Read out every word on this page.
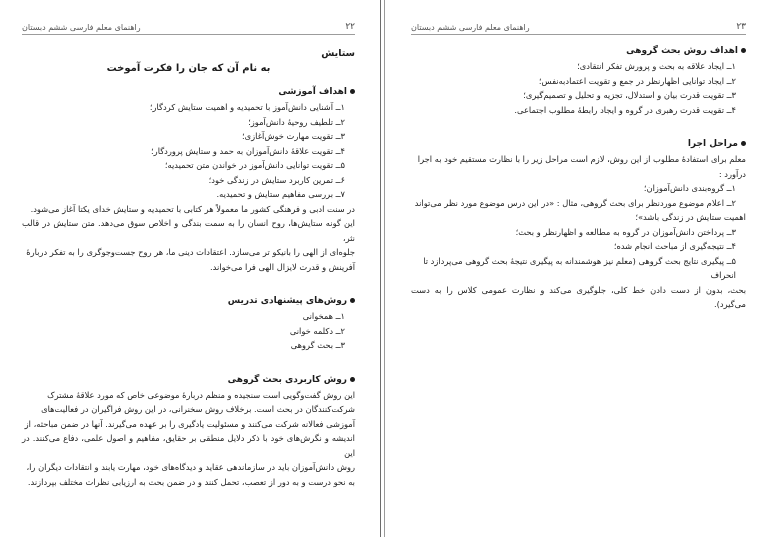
۲۲
راهنمای معلم فارسی ششم دبستان
ستایش
به نام آن که جان را فکرت آموخت
اهداف آموزشی
۱ــ آشنایی دانش‌آموز با تحمیدیه و اهمیت ستایش کردگار؛
۲ــ تلطیف روحیهٔ دانش‌آموز؛
۳ــ تقویت مهارت خوش‌آغازی؛
۴ــ تقویت علاقهٔ دانش‌آموزان به حمد و ستایش پروردگار؛
۵ــ تقویت توانایی دانش‌آموز در خواندن متن تحمیدیه؛
۶ــ تمرین کاربرد ستایش در زندگی خود؛
۷ــ بررسی مفاهیم ستایش و تحمیدیه.
در سنت ادبی و فرهنگی کشور ما معمولاً هر کتابی با تحمیدیه و ستایش خدای یکتا آغاز می‌شود.
این گونه ستایش‌ها، روح انسان را به سمت بندگی و اخلاص سوق می‌دهد. متن ستایش در قالب نثر،
جلوه‌ای از الهی را بانیکو تر می‌سازد. اعتقادات دینی ما، هر روح جست‌وجوگری را به تفکر دربارهٔ
آفرینش و قدرت لایزال الهی فرا می‌خواند.
روش‌های پیشنهادی تدریس
۱ــ همخوانی
۲ــ دکلمه خوانی
۳ــ بحث گروهی
روش کاربردی بحث گروهی
این روش گفت‌وگویی است سنجیده و منظم دربارهٔ موضوعی خاص که مورد علاقهٔ مشترک
شرکت‌کنندگان در بحث است. برخلاف روش سخنرانی، در این روش فراگیران در فعالیت‌های
آموزشی فعالانه شرکت می‌کنند و مسئولیت یادگیری را بر عهده می‌گیرند. آنها در ضمن مباحثه، از
اندیشه و نگرش‌های خود با ذکر دلایل منطقی بر حقایق، مفاهیم و اصول علمی، دفاع می‌کنند. در این
روش دانش‌آموزان باید در سازماندهی عقاید و دیدگاه‌های خود، مهارت یابند و انتقادات دیگران را،
به نحو درست و به دور از تعصب، تحمل کنند و در ضمن بحث به ارزیابی نظرات مختلف بپردازند.
۲۳
راهنمای معلم فارسی ششم دبستان
اهداف روش بحث گروهی
۱ــ ایجاد علاقه به بحث و پرورش تفکر انتقادی؛
۲ــ ایجاد توانایی اظهارنظر در جمع و تقویت اعتمادبه‌نفس؛
۳ــ تقویت قدرت بیان و استدلال، تجزیه و تحلیل و تصمیم‌گیری؛
۴ــ تقویت قدرت رهبری در گروه و ایجاد رابطهٔ مطلوب اجتماعی.
مراحل اجرا
معلم برای استفادهٔ مطلوب از این روش، لازم است مراحل زیر را با نظارت مستقیم خود به اجرا
درآورد :
۱ــ گروه‌بندی دانش‌آموزان؛
۲ــ اعلام موضوع موردنظر برای بحث گروهی، مثال : «در این درس موضوع مورد نظر می‌تواند
اهمیت ستایش در زندگی باشد»؛
۳ــ پرداختن دانش‌آموزان در گروه به مطالعه و اظهارنظر و بحث؛
۴ــ نتیجه‌گیری از مباحث انجام شده؛
۵ــ پیگیری نتایج بحث گروهی (معلم نیز هوشمندانه به پیگیری نتیجهٔ بحث گروهی می‌پردازد تا انحراف
بحث، بدون از دست دادن خط کلی، جلوگیری می‌کند و نظارت عمومی کلاس را به دست می‌گیرد).
